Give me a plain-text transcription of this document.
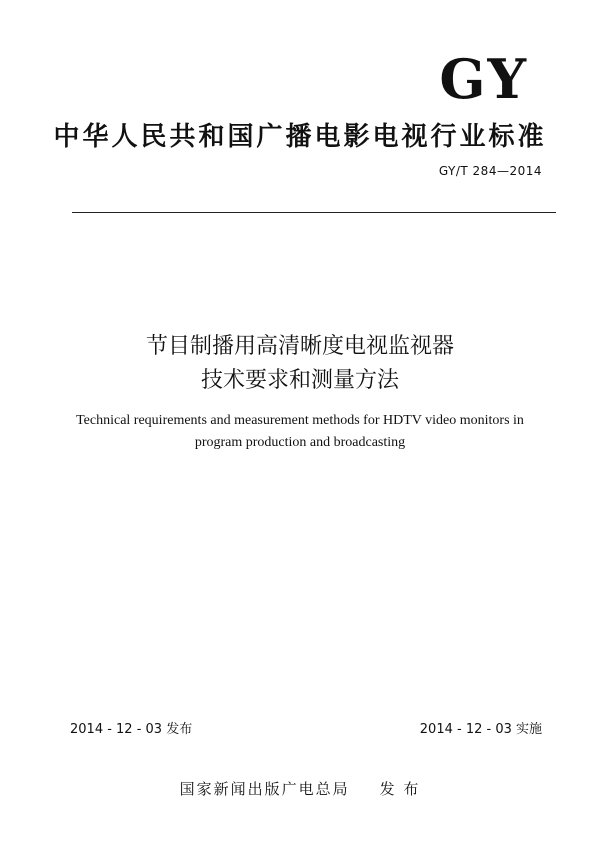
GY
中华人民共和国广播电影电视行业标准
GY/T 284—2014
节目制播用高清晰度电视监视器
技术要求和测量方法
Technical requirements and measurement methods for HDTV video monitors in
program production and broadcasting
2014 - 12 - 03 发布	2014 - 12 - 03 实施
国家新闻出版广电总局 发 布
